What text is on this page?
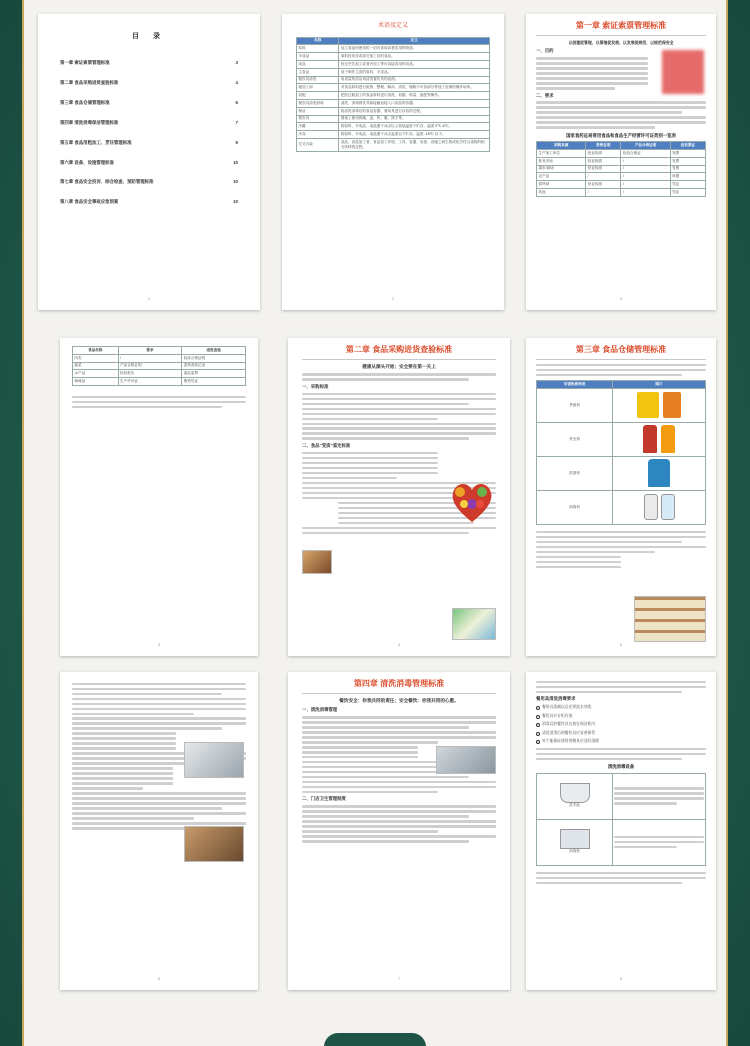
目 录
第一章 索证索票管理标准	3
第二章 食品采购进货查验标准	4
第三章 食品仓储管理标准	6
第四章 清洗消毒保洁管理标准	7
第五章 食品用粗加工、烹饪管理标准	9
第六章 设备、设施管理标准	10
第七章 食品安全投诉、综合检查、预防管理标准	10
第八章 食品安全事故应急预案	10
1
术语及定义
名称	定义
原料	加工食品所使用的一切可食用或者饮用的物质。
半成品	原料经初步或部分加工后的食品。
成品	经过烹饪加工或者冷加工等可直接食用的食品。
主食品	用于制作主食的原料、半成品。
餐饮具清洗	用适量的清洁剂清洗餐饮具的表面。
粗加工间	对食品原料进行挑拣、整理、解冻、清洗、剔除不可食部分等加工处理的操作场所。
切配	把经过粗加工的食品原料进行清洗、切割、称量、组配等操作。
餐饮具清洗消毒	清洗、消毒餐饮具和接触直接入口食品的容器。
保洁	将清洗消毒后的食品容器、餐用具进行存放的过程。
餐饮具	餐桌上使用的碗、盘、杯、碟、筷子等。
冷藏	将原料、半成品、成品置于冰点以上较低温度下贮存，温度 0℃-8℃。
冷冻	将原料、半成品、成品置于冰点温度以下贮存，温度 -18℃ 以下。
交叉污染	食品、食品加工者、食品加工环境、工具、容器、设备、设施之间生物或化学性污染物的相互转移的过程。
2
第一章 索证索票管理标准
以创建促管理、以管理促发展、以发展促规范、以规范保安全
一、目的
二、要求
国家食药总局常用食品和食品生产经营许可证类别一览表
采购来源	资格证明	产品合格证明	进货票证
生产加工单位	营业执照	检验合格证	发票
批发市场	营业执照	/	发票
超市/商场	营业执照	/	发票
农产品	/	/	收据
供货商	营业执照	/	凭证
其他	/	/	凭证
3
食品名称	要求	进货查验
肉类	/	检疫合格证明
蔬菜	产品合格证明	进货查验记录
水产品	检验报告	索证索票
调味品	生产许可证	购货凭证
3
第二章 食品采购进货查验标准
健康从源头开始；安全要在第一关上
一、采购标准
二、食品“变质”鉴定标准
4
第三章 食品仓储管理标准
有害物质种类	图片
杀鼠剂	

杀虫剂	

洗涤剂	

消毒剂	
5
6
第四章 清洗消毒管理标准
餐饮安全：你我共同的责任；安全餐饮：你我共同的心愿。
一、清洗消毒管理
二、门店卫生管理制度
7
餐用具清洗消毒要求
餐用具洗刷以后必须流水冲洗
餐饮具应专柜存放
消毒后的餐饮具应放在保洁柜内
清洗消毒后的餐饮具应妥善保管
对不能保证使用的餐具应及时清理
清洗消毒设备
洗手池	

消毒柜	

8
